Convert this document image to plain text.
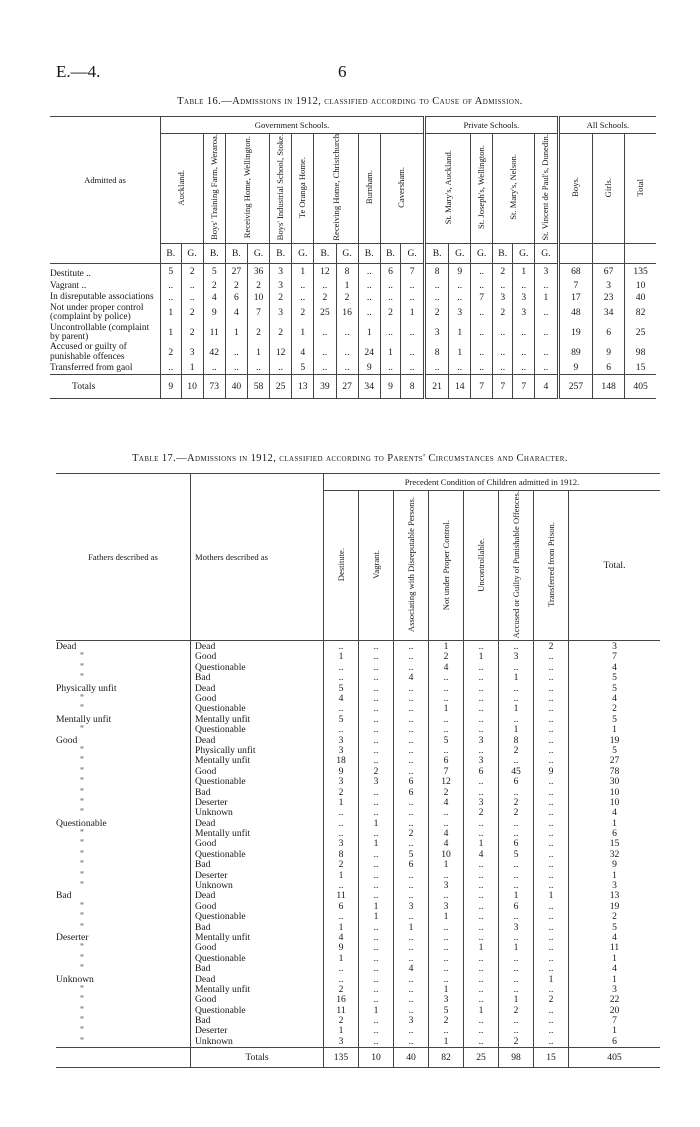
E.—4.	6
Table 16.—Admissions in 1912, classified according to Cause of Admission.
Admitted as	Government Schools.												Private Schools.						All Schools.		
	Auckland.		Boys' Training Farm, Weraroa.	Receiving Home, Wellington.		Boys' Industrial School, Stoke.	Te Oranga Home.	Receiving Home, Christchurch		Burnham.	Caversham.		St. Mary's, Auckland.		St. Joseph's, Wellington.	St. Mary's, Nelson.		St. Vincent de Paul's, Dunedin.	Boys.	Girls.	Total
	B.	G.	B.	B.	G.	B.	G.	B.	G.	B.	B.	G.	B.	G.	G.	B.	G.	G.			
Destitute ..	5	2	5	27	36	3	1	12	8	..	6	7	8	9	..	2	1	3	68	67	135
Vagrant ..	..	..	2	2	2	3	..	..	1	..	..	..	..	..	..	..	..	..	7	3	10
In disreputable associations	..	..	4	6	10	2	..	2	2	..	..	..	..	..	7	3	3	1	17	23	40
Not under proper control (complaint by police)	1	2	9	4	7	3	2	25	16	..	2	1	2	3	..	2	3	..	48	34	82
Uncontrollable (complaint by parent)	1	2	11	1	2	2	1	..	..	1	..	..	3	1	..	..	..	..	19	6	25
Accused or guilty of punishable offences	2	3	42	..	1	12	4	..	..	24	1	..	8	1	..	..	..	..	89	9	98
Transferred from gaol	..	1	..	..	..	..	5	..	..	9	..	..	..	..	..	..	..	..	9	6	15
Totals	9	10	73	40	58	25	13	39	27	34	9	8	21	14	7	7	7	4	257	148	405
Table 17.—Admissions in 1912, classified according to Parents' Circumstances and Character.
Fathers described as	Mothers described as	Precedent Condition of Children admitted in 1912.							
		Destitute.	Vagrant.	Associating with Disreputable Persons.	Not under Proper Control.	Uncontrollable.	Accused or Guilty of Punishable Offences.	Transferred from Prison.	Total.
Dead	Dead	..	..	..	1	..	..	2	3
"	Good	1	..	..	2	1	3	..	7
"	Questionable	..	..	..	4	..	..	..	4
"	Bad	..	..	4	..	..	1	..	5
Physically unfit	Dead	5	..	..	..	..	..	..	5
"	Good	4	..	..	..	..	..	..	4
"	Questionable	..	..	..	1	..	1	..	2
Mentally unfit	Mentally unfit	5	..	..	..	..	..	..	5
"	Questionable	..	..	..	..	..	1	..	1
Good	Dead	3	..	..	5	3	8	..	19
"	Physically unfit	3	..	..	..	..	2	..	5
"	Mentally unfit	18	..	..	6	3	..	..	27
"	Good	9	2	..	7	6	45	9	78
"	Questionable	3	3	6	12	..	6	..	30
"	Bad	2	..	6	2	..	..	..	10
"	Deserter	1	..	..	4	3	2	..	10
"	Unknown	..	..	..	..	2	2	..	4
Questionable	Dead	..	1	..	..	..	..	..	1
"	Mentally unfit	..	..	2	4	..	..	..	6
"	Good	3	1	..	4	1	6	..	15
"	Questionable	8	..	5	10	4	5	..	32
"	Bad	2	..	6	1	..	..	..	9
"	Deserter	1	..	..	..	..	..	..	1
"	Unknown	..	..	..	3	..	..	..	3
Bad	Dead	11	..	..	..	..	1	1	13
"	Good	6	1	3	3	..	6	..	19
"	Questionable	..	1	..	1	..	..	..	2
"	Bad	1	..	1	..	..	3	..	5
Deserter	Mentally unfit	4	..	..	..	..	..	..	4
"	Good	9	..	..	..	1	1	..	11
"	Questionable	1	..	..	..	..	..	..	1
"	Bad	..	..	4	..	..	..	..	4
Unknown	Dead	..	..	..	..	..	..	1	1
"	Mentally unfit	2	..	..	1	..	..	..	3
"	Good	16	..	..	3	..	1	2	22
"	Questionable	11	1	..	5	1	2	..	20
"	Bad	2	..	3	2	..	..	..	7
"	Deserter	1	..	..	..	..	..	..	1
"	Unknown	3	..	..	1	..	2	..	6
	Totals	135	10	40	82	25	98	15	405
